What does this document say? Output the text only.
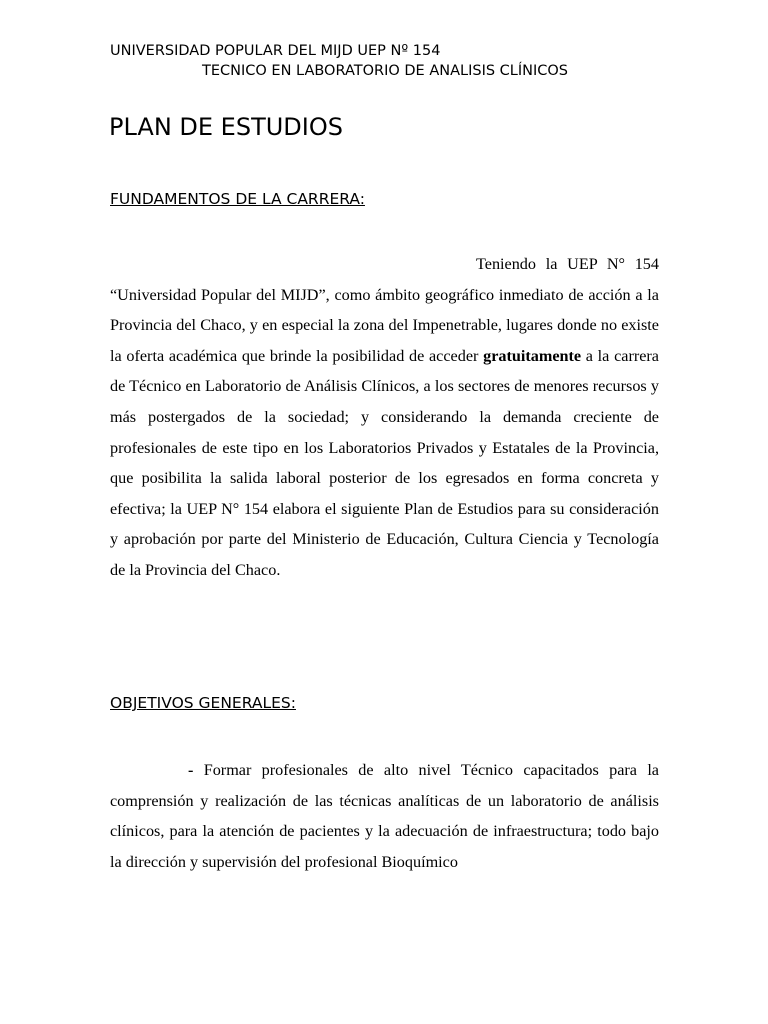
UNIVERSIDAD POPULAR DEL MIJD UEP Nº 154
TECNICO EN LABORATORIO DE ANALISIS CLÍNICOS
PLAN DE ESTUDIOS
FUNDAMENTOS DE LA CARRERA:

Teniendo la UEP N° 154 “Universidad Popular del MIJD”, como ámbito geográfico inmediato de acción a la Provincia del Chaco, y en especial la zona del Impenetrable, lugares donde no existe la oferta académica que brinde la posibilidad de acceder gratuitamente a la carrera de Técnico en Laboratorio de Análisis Clínicos, a los sectores de menores recursos y más postergados de la sociedad; y considerando la demanda creciente de profesionales de este tipo en los Laboratorios Privados y Estatales de la Provincia, que posibilita la salida laboral posterior de los egresados en forma concreta y efectiva; la UEP N° 154 elabora el siguiente Plan de Estudios para su consideración y aprobación por parte del Ministerio de Educación, Cultura Ciencia y Tecnología de la Provincia del Chaco.

OBJETIVOS GENERALES:

- Formar profesionales de alto nivel Técnico capacitados para la comprensión y realización de las técnicas analíticas de un laboratorio de análisis clínicos, para la atención de pacientes y la adecuación de infraestructura; todo bajo la dirección y supervisión del profesional Bioquímico
